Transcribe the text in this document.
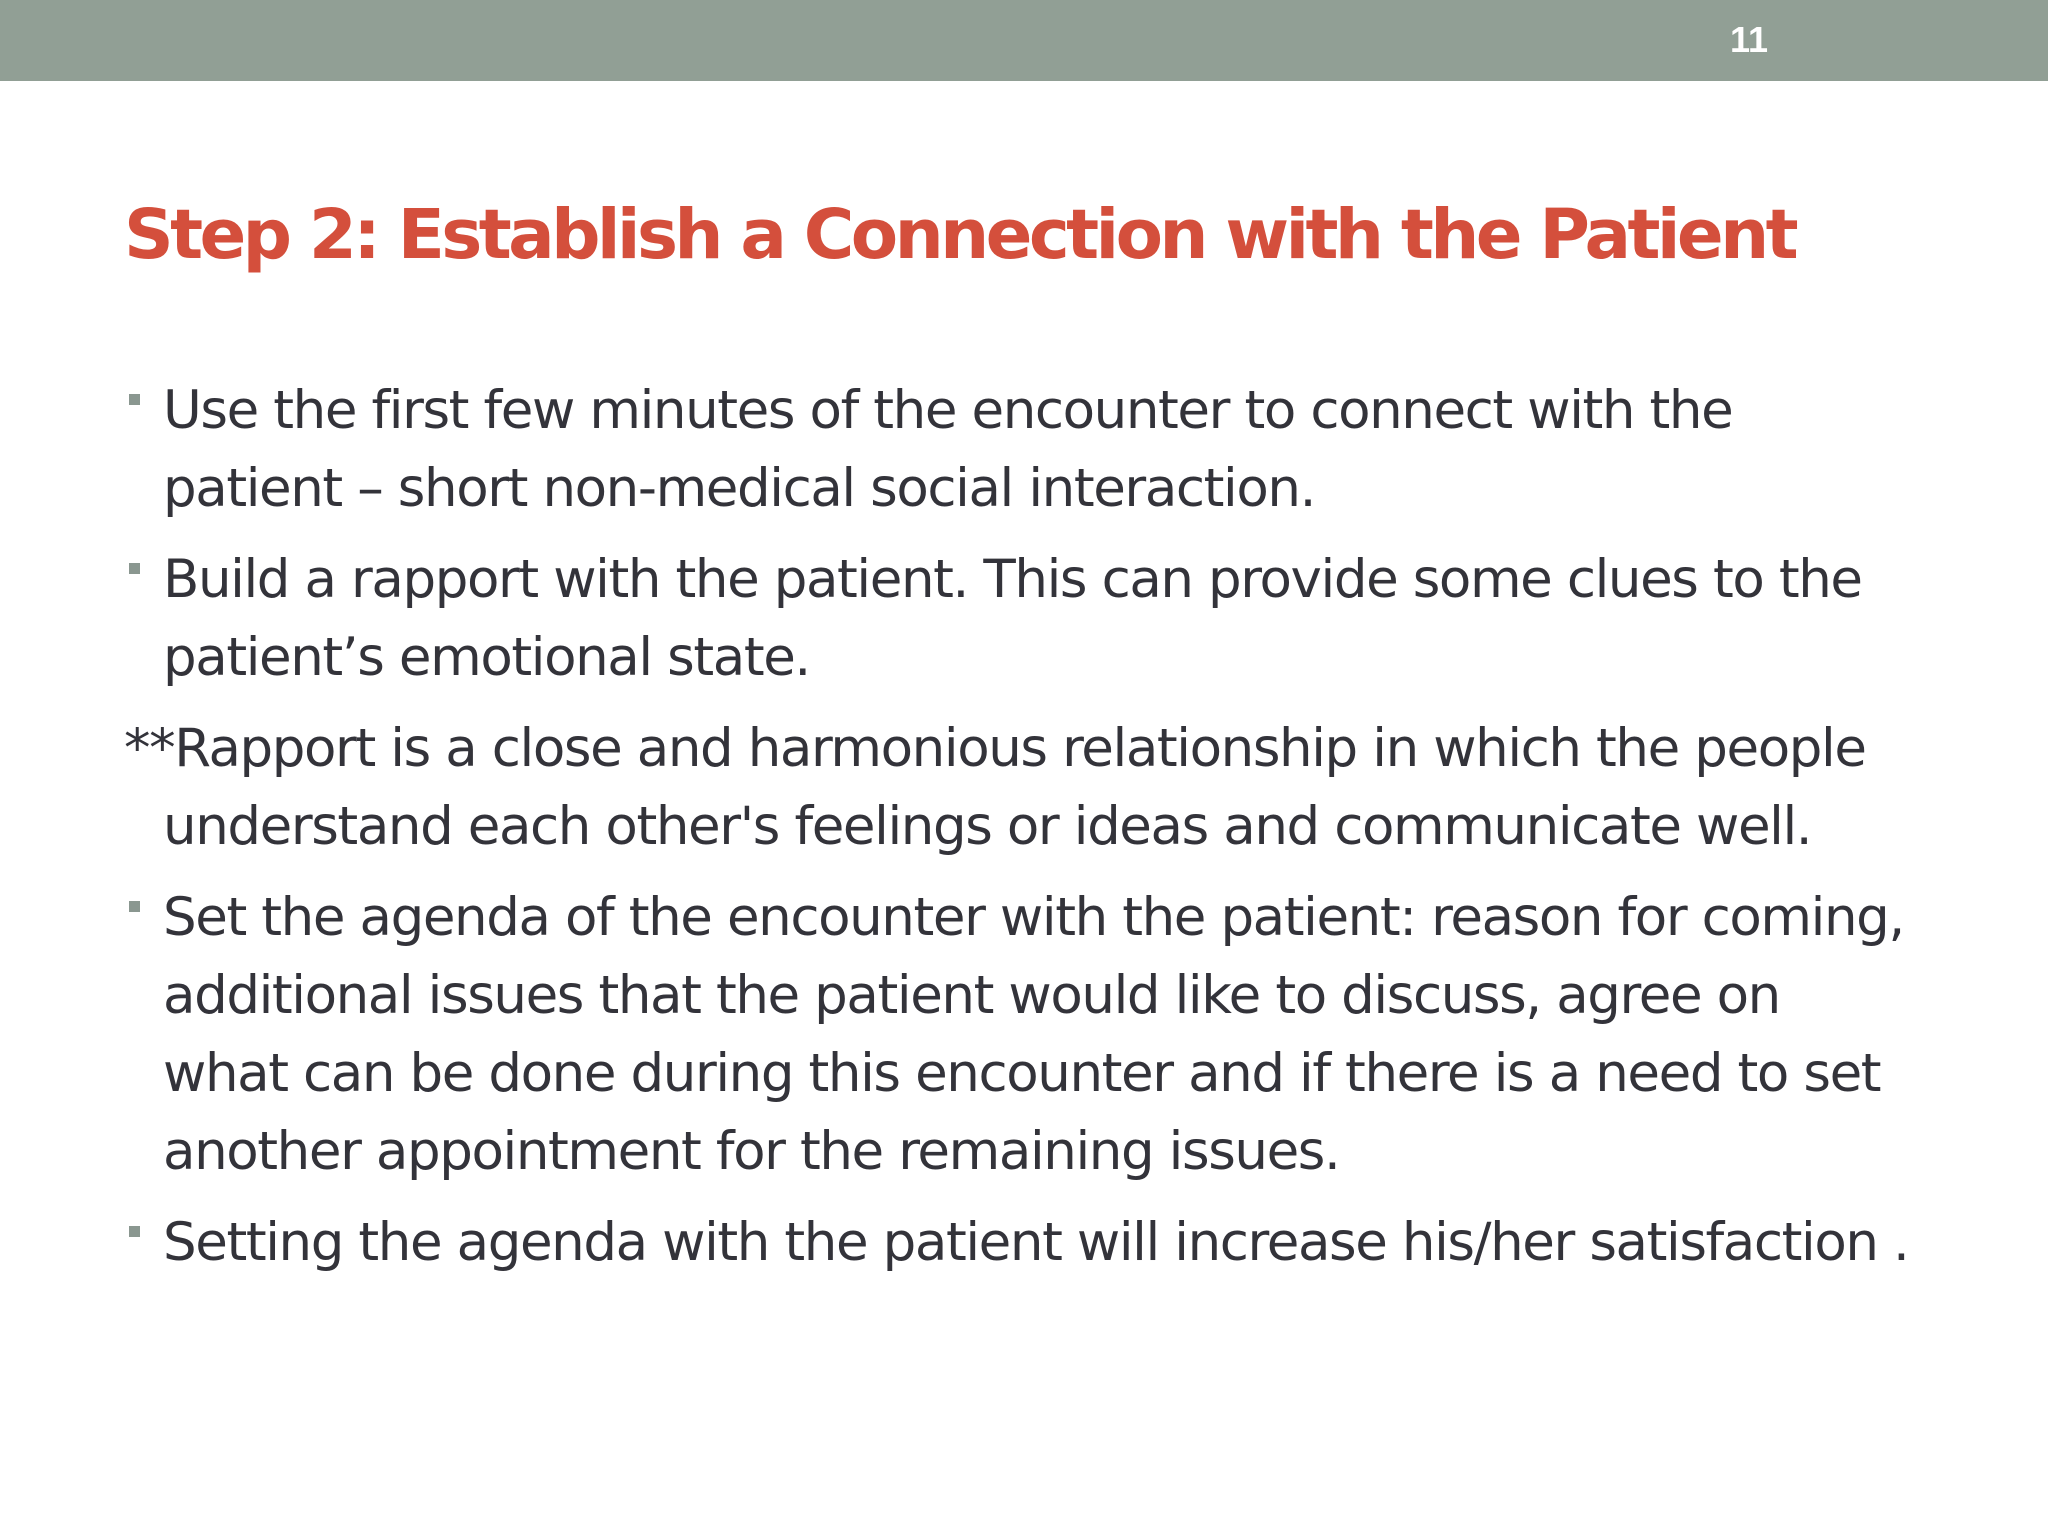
11
Step 2: Establish a Connection with the Patient
Use the first few minutes of the encounter to connect with the patient – short non-medical social interaction.
Build a rapport with the patient. This can provide some clues to the patient’s emotional state.
**Rapport is a close and harmonious relationship in which the people understand each other's feelings or ideas and communicate well.
Set the agenda of the encounter with the patient: reason for coming, additional issues that the patient would like to discuss, agree on what can be done during this encounter and if there is a need to set another appointment for the remaining issues.
Setting the agenda with the patient will increase his/her satisfaction .
